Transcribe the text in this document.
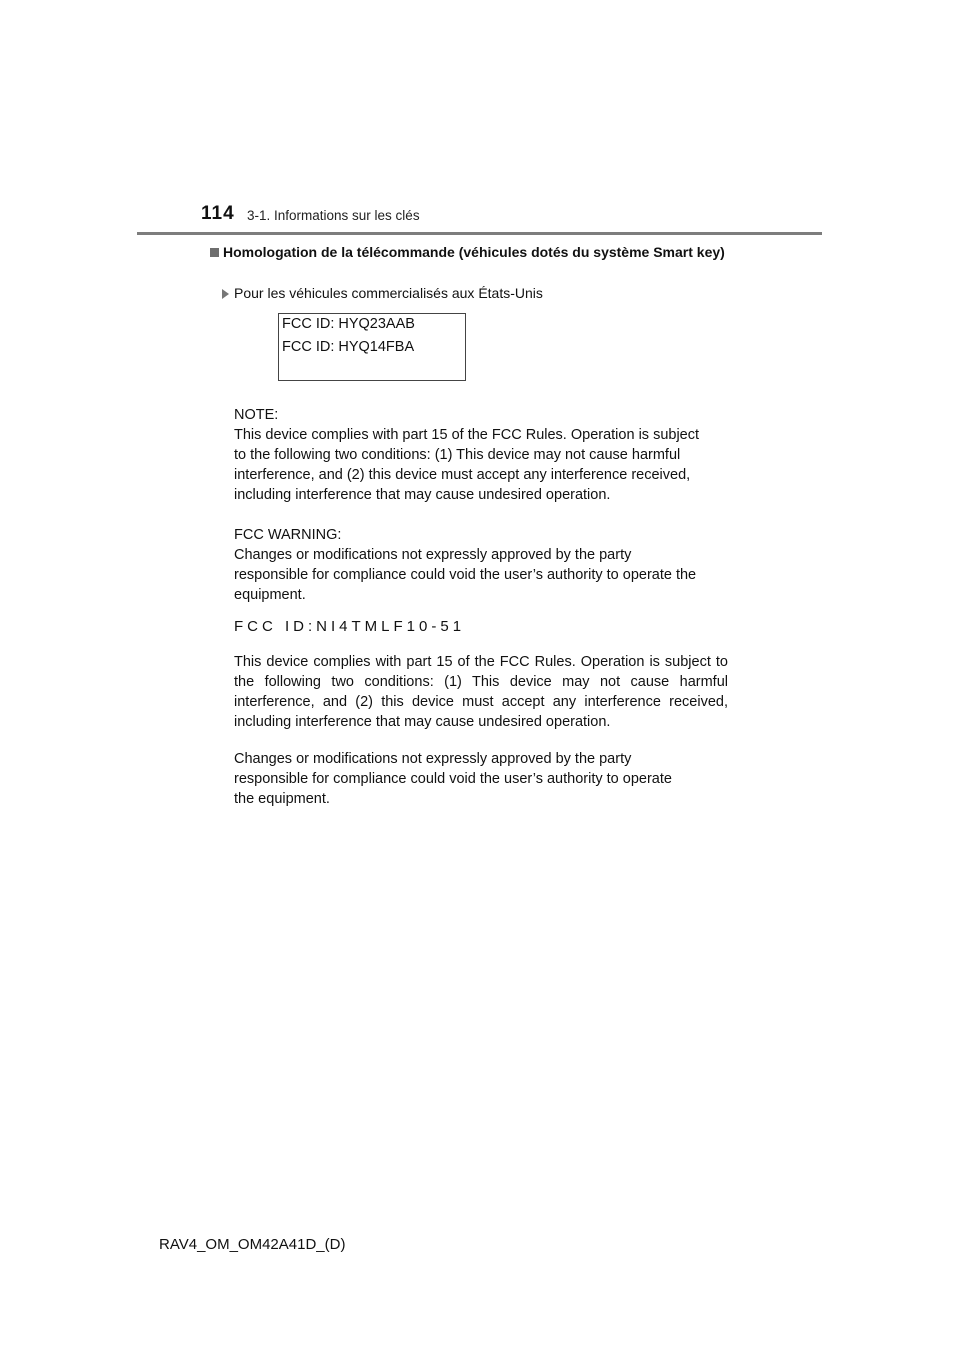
114 3-1. Informations sur les clés
Homologation de la télécommande (véhicules dotés du système Smart key)
Pour les véhicules commercialisés aux États-Unis
FCC ID: HYQ23AAB
FCC ID: HYQ14FBA

NOTE:

This device complies with part 15 of the FCC Rules. Operation is subject

to the following two conditions: (1) This device may not cause harmful

interference, and (2) this device must accept any interference received,

including interference that may cause undesired operation.

FCC WARNING:

Changes or modifications not expressly approved by the party

responsible for compliance could void the user’s authority to operate the

equipment.

FCC ID:NI4TMLF10-51

This device complies with part 15 of the FCC Rules. Operation is subject to the following two conditions: (1) This device may not cause harmful interference, and (2) this device must accept any interference received, including interference that may cause undesired operation.

Changes or modifications not expressly approved by the party

responsible for compliance could void the user’s authority to operate

the equipment.

RAV4_OM_OM42A41D_(D)
